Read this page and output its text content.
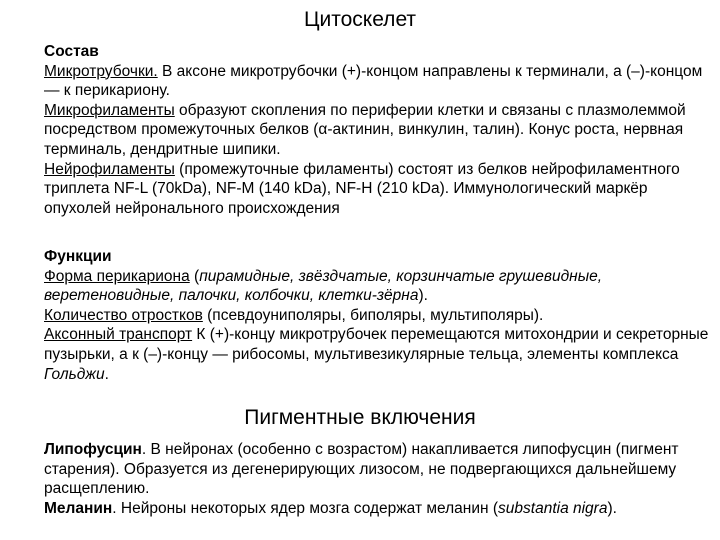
Цитоскелет

Состав

Микротрубочки. В аксоне микротрубочки (+)-концом направлены к терминали, а (–)-концом — к перикариону.

Микрофиламенты образуют скопления по периферии клетки и связаны с плазмолеммой посредством промежуточных белков (α-актинин, винкулин, талин). Конус роста, нервная терминаль, дендритные шипики.

Нейрофиламенты (промежуточные филаменты) состоят из белков нейрофиламентного триплета NF-L (70kDa), NF-M (140 kDa), NF-H (210 kDa). Иммунологический маркёр опухолей нейронального происхождения

Функции

Форма перикариона (пирамидные, звёздчатые, корзинчатые грушевидные, веретеновидные, палочки, колбочки, клетки-зёрна).

Количество отростков (псевдоуниполяры, биполяры, мультиполяры).

Аксонный транспорт К (+)-концу микротрубочек перемещаются митохондрии и секреторные пузырьки, а к (–)-концу — рибосомы, мультивезикулярные тельца, элементы комплекса Гольджи.

Пигментные включения

Липофусцин. В нейронах (особенно с возрастом) накапливается липофусцин (пигмент старения). Образуется из дегенерирующих лизосом, не подвергающихся дальнейшему расщеплению.

Меланин. Нейроны некоторых ядер мозга содержат меланин (substantia nigra).
